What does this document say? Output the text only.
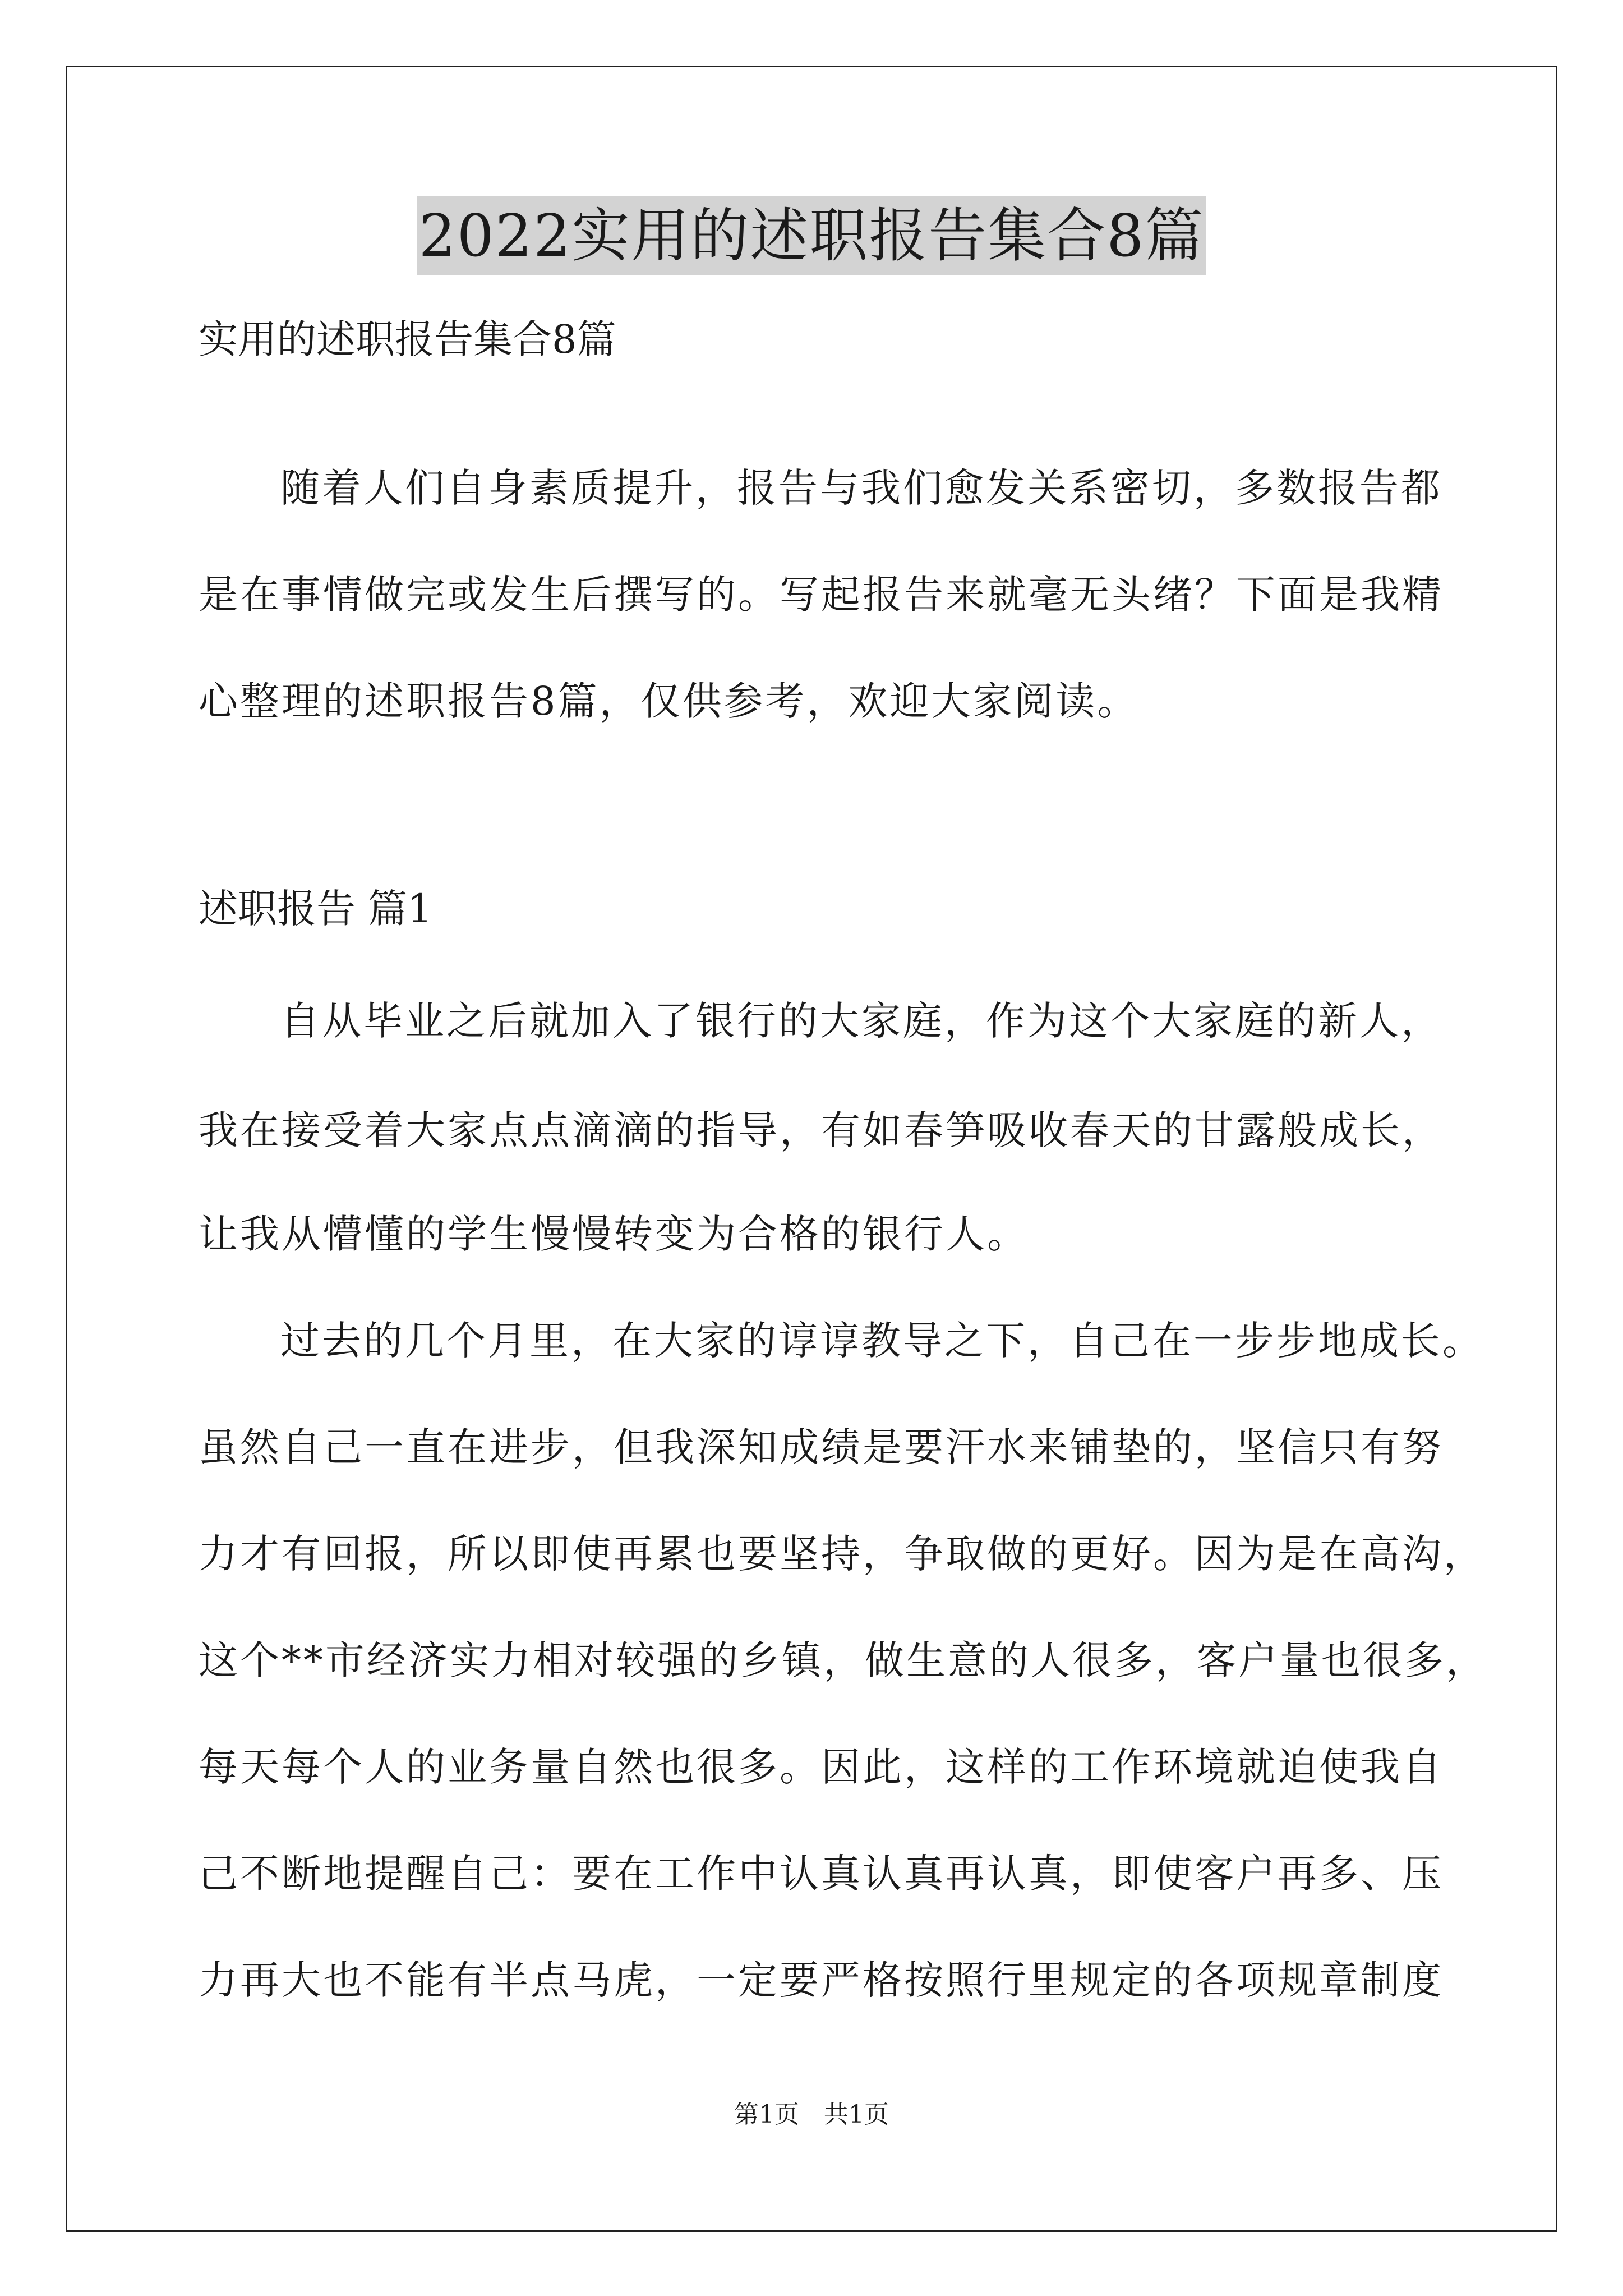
2022实用的述职报告集合8篇
实用的述职报告集合8篇
随着人们自身素质提升，报告与我们愈发关系密切，多数报告都
是在事情做完或发生后撰写的。写起报告来就毫无头绪？下面是我精
心整理的述职报告8篇，仅供参考，欢迎大家阅读。
述职报告 篇1
自从毕业之后就加入了银行的大家庭，作为这个大家庭的新人，
我在接受着大家点点滴滴的指导，有如春笋吸收春天的甘露般成长，
让我从懵懂的学生慢慢转变为合格的银行人。
过去的几个月里，在大家的谆谆教导之下，自己在一步步地成长。
虽然自己一直在进步，但我深知成绩是要汗水来铺垫的，坚信只有努
力才有回报，所以即使再累也要坚持，争取做的更好。因为是在高沟，
这个**市经济实力相对较强的乡镇，做生意的人很多，客户量也很多，
每天每个人的业务量自然也很多。因此，这样的工作环境就迫使我自
己不断地提醒自己：要在工作中认真认真再认真，即使客户再多、压
力再大也不能有半点马虎，一定要严格按照行里规定的各项规章制度
第1页　共1页
